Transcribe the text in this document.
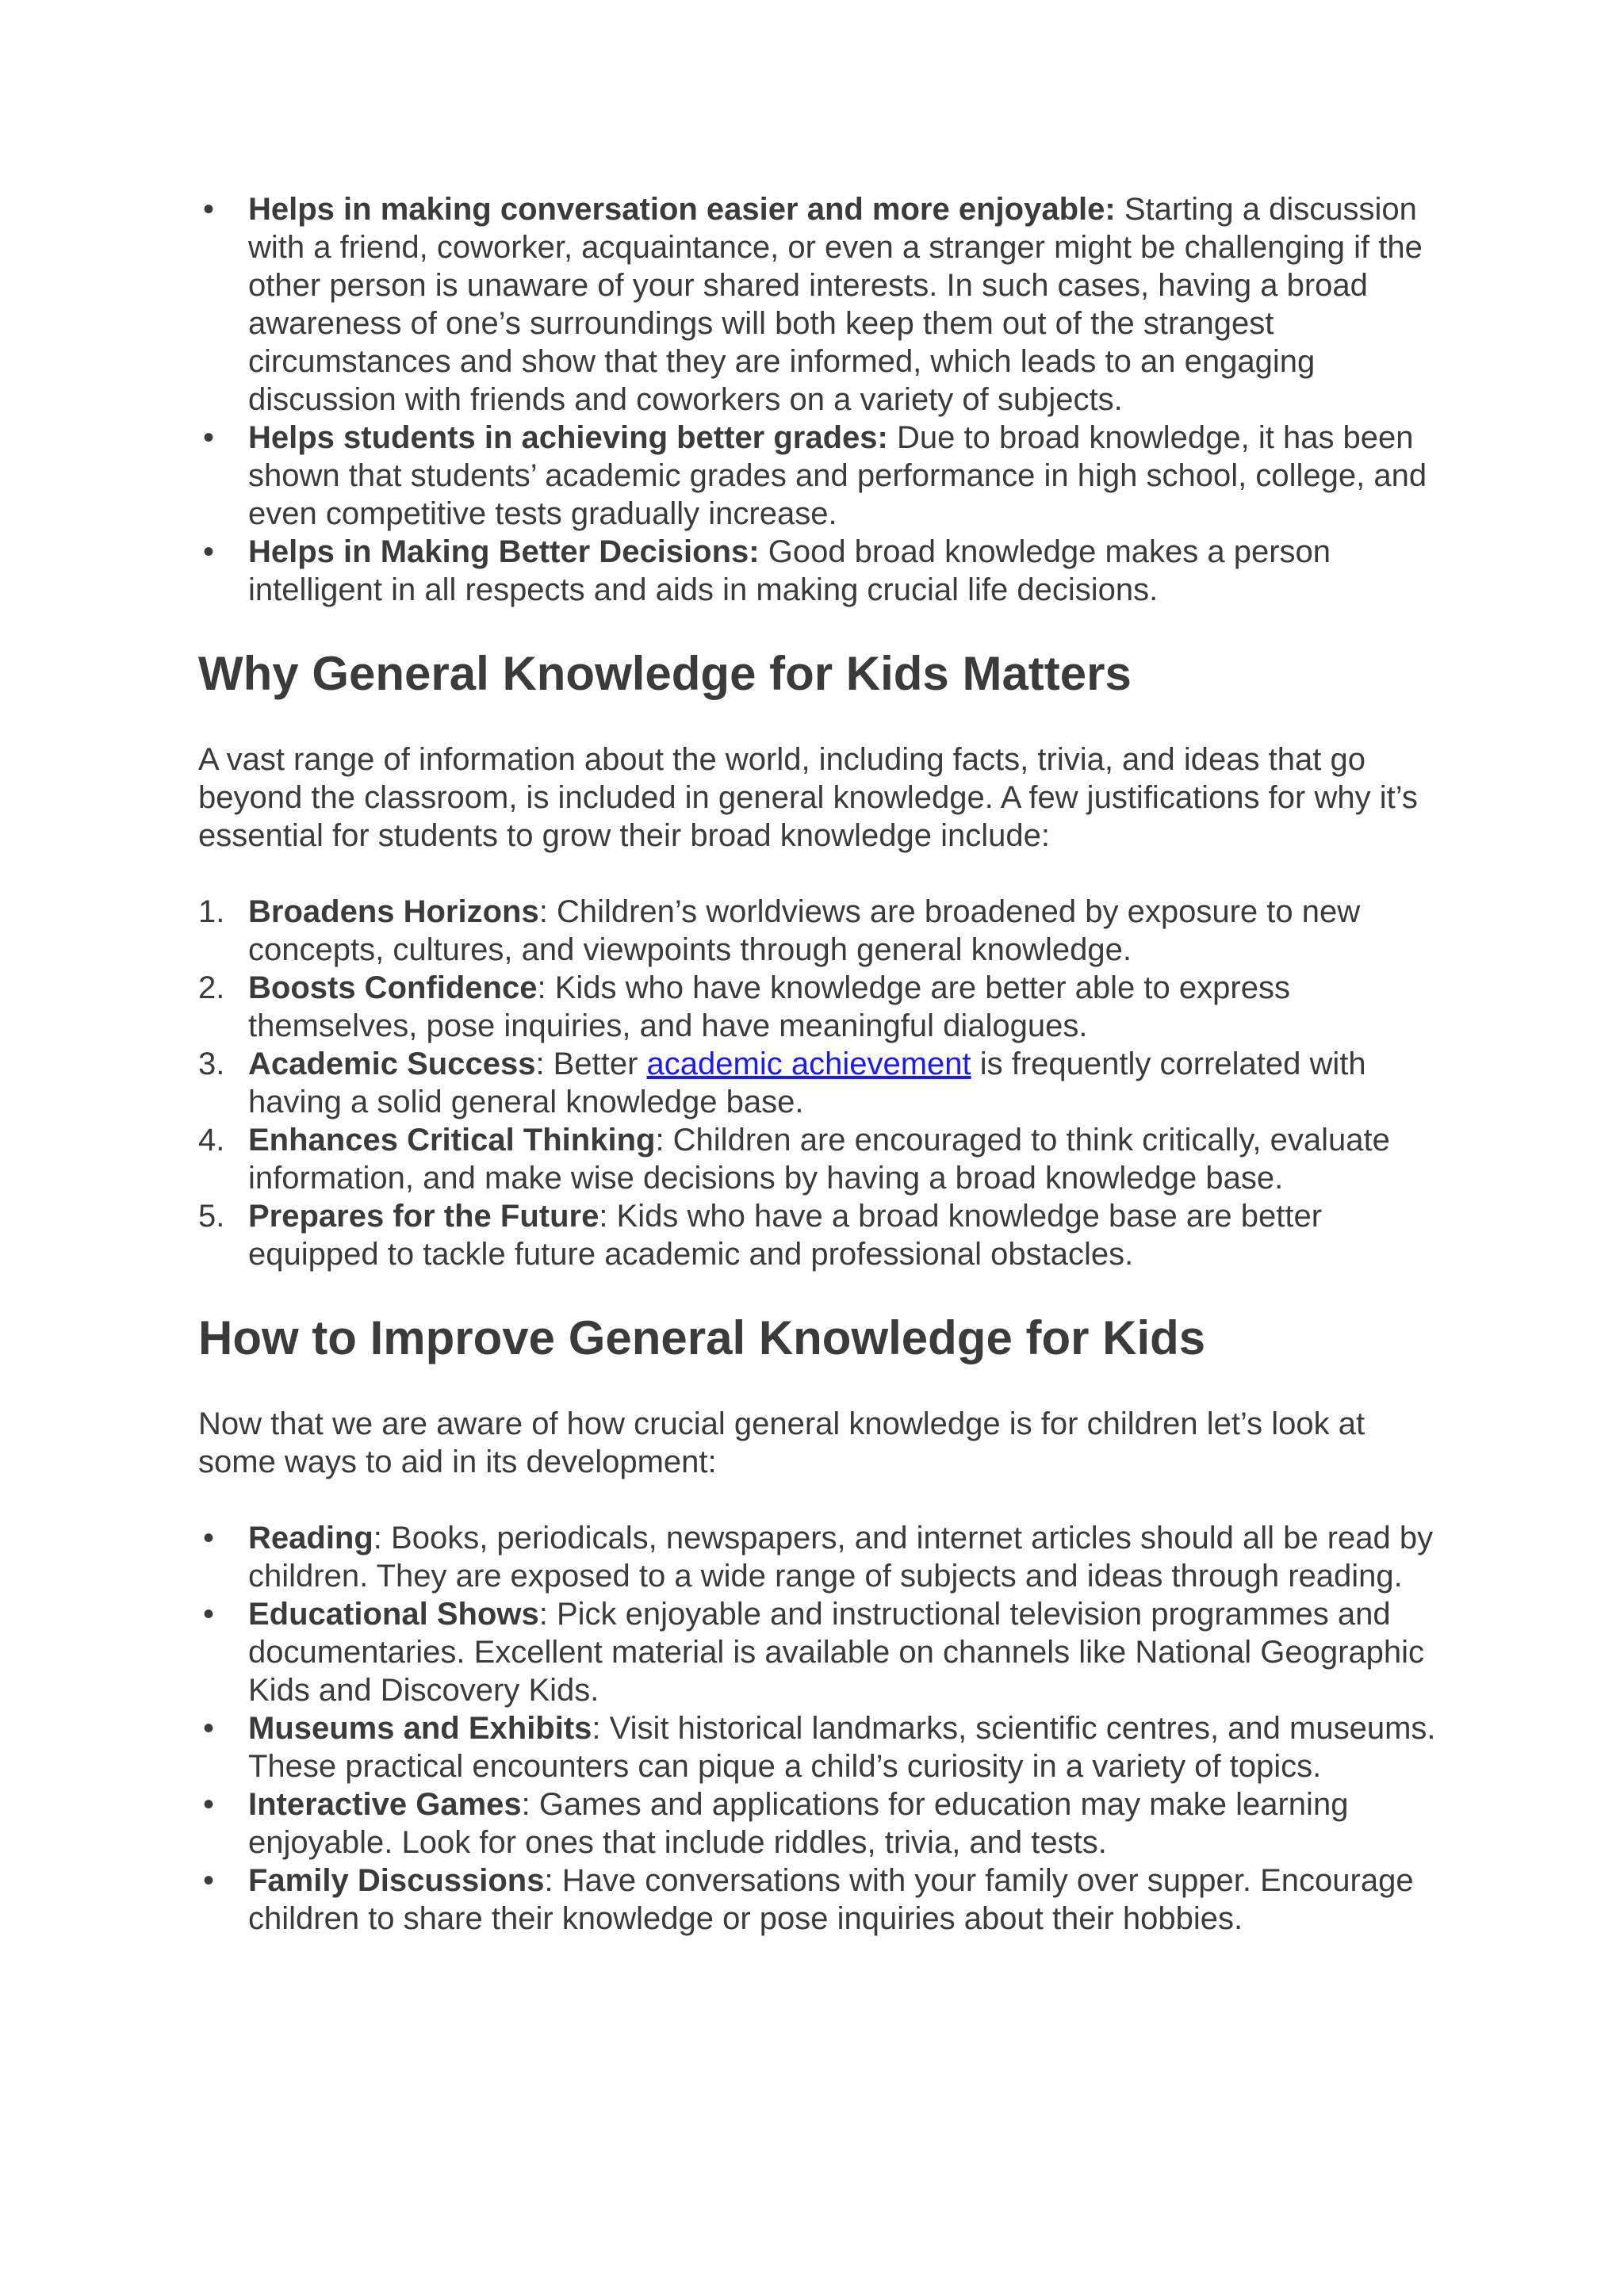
• Helps in making conversation easier and more enjoyable: Starting a discussion with a friend, coworker, acquaintance, or even a stranger might be challenging if the other person is unaware of your shared interests. In such cases, having a broad awareness of one’s surroundings will both keep them out of the strangest circumstances and show that they are informed, which leads to an engaging discussion with friends and coworkers on a variety of subjects.
• Helps students in achieving better grades: Due to broad knowledge, it has been shown that students’ academic grades and performance in high school, college, and even competitive tests gradually increase.
• Helps in Making Better Decisions: Good broad knowledge makes a person intelligent in all respects and aids in making crucial life decisions.
Why General Knowledge for Kids Matters

A vast range of information about the world, including facts, trivia, and ideas that go beyond the classroom, is included in general knowledge. A few justifications for why it’s essential for students to grow their broad knowledge include:

1. Broadens Horizons: Children’s worldviews are broadened by exposure to new concepts, cultures, and viewpoints through general knowledge.
2. Boosts Confidence: Kids who have knowledge are better able to express themselves, pose inquiries, and have meaningful dialogues.
3. Academic Success: Better academic achievement is frequently correlated with having a solid general knowledge base.
4. Enhances Critical Thinking: Children are encouraged to think critically, evaluate information, and make wise decisions by having a broad knowledge base.
5. Prepares for the Future: Kids who have a broad knowledge base are better equipped to tackle future academic and professional obstacles.
How to Improve General Knowledge for Kids

Now that we are aware of how crucial general knowledge is for children let’s look at some ways to aid in its development:

• Reading: Books, periodicals, newspapers, and internet articles should all be read by children. They are exposed to a wide range of subjects and ideas through reading.
• Educational Shows: Pick enjoyable and instructional television programmes and documentaries. Excellent material is available on channels like National Geographic Kids and Discovery Kids.
• Museums and Exhibits: Visit historical landmarks, scientific centres, and museums. These practical encounters can pique a child’s curiosity in a variety of topics.
• Interactive Games: Games and applications for education may make learning enjoyable. Look for ones that include riddles, trivia, and tests.
• Family Discussions: Have conversations with your family over supper. Encourage children to share their knowledge or pose inquiries about their hobbies.
